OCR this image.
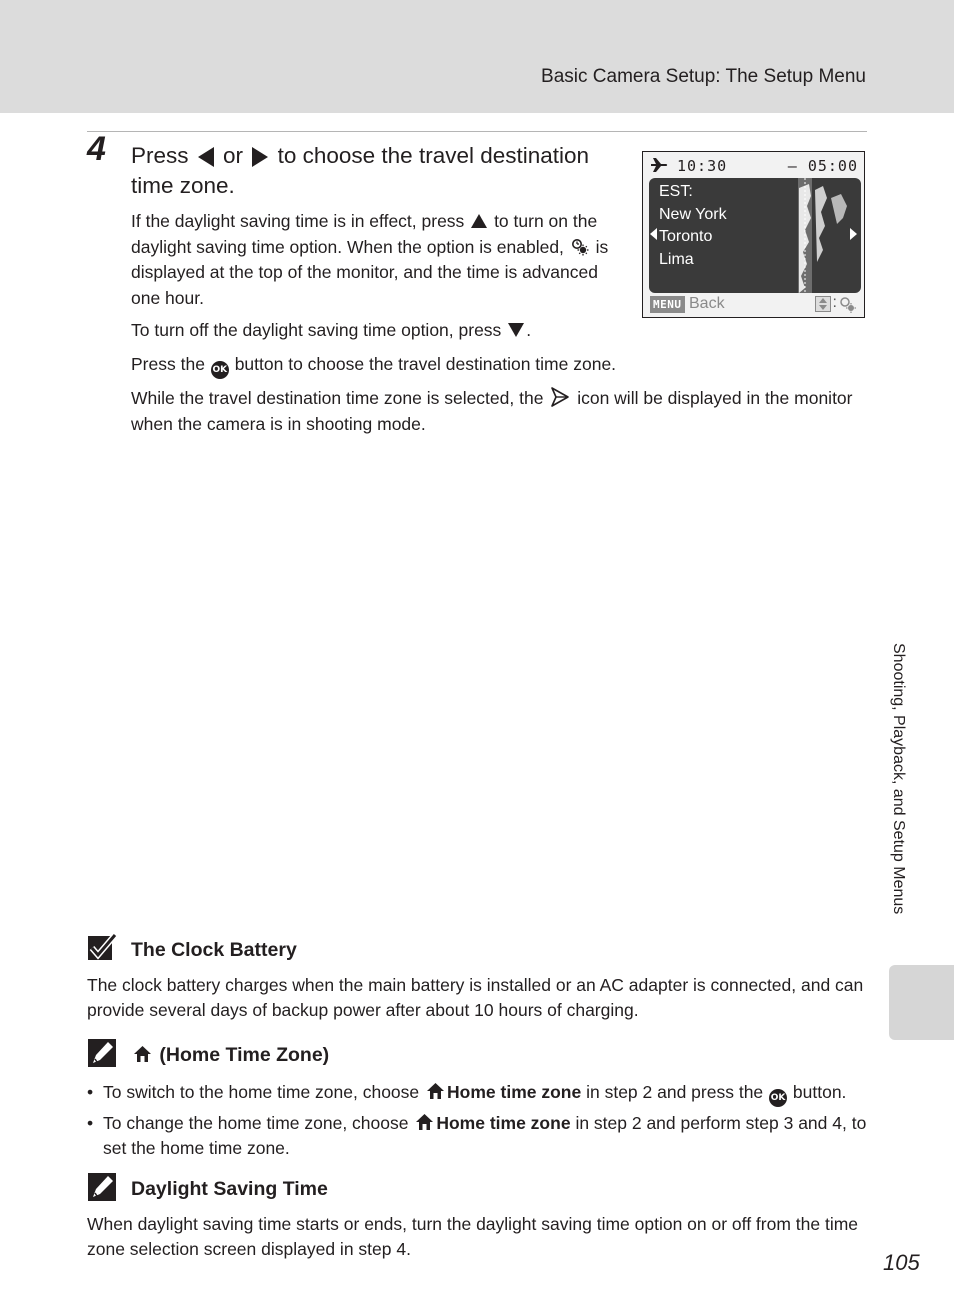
Basic Camera Setup: The Setup Menu
4 Press or to choose the travel destination time zone.
If the daylight saving time is in effect, press to turn on the daylight saving time option. When the option is enabled, is displayed at the top of the monitor, and the time is advanced one hour.
To turn off the daylight saving time option, press .
Press the OK button to choose the travel destination time zone.
While the travel destination time zone is selected, the icon will be displayed in the monitor when the camera is in shooting mode.
10:30	– 05:00
EST:
New York
Toronto
Lima
MENU Back	:
Shooting, Playback, and Setup Menus
The Clock Battery
The clock battery charges when the main battery is installed or an AC adapter is connected, and can provide several days of backup power after about 10 hours of charging.
(Home Time Zone)
• To switch to the home time zone, choose Home time zone in step 2 and press the OK button.
• To change the home time zone, choose Home time zone in step 2 and perform step 3 and 4, to set the home time zone.
Daylight Saving Time
When daylight saving time starts or ends, turn the daylight saving time option on or off from the time zone selection screen displayed in step 4.
105
